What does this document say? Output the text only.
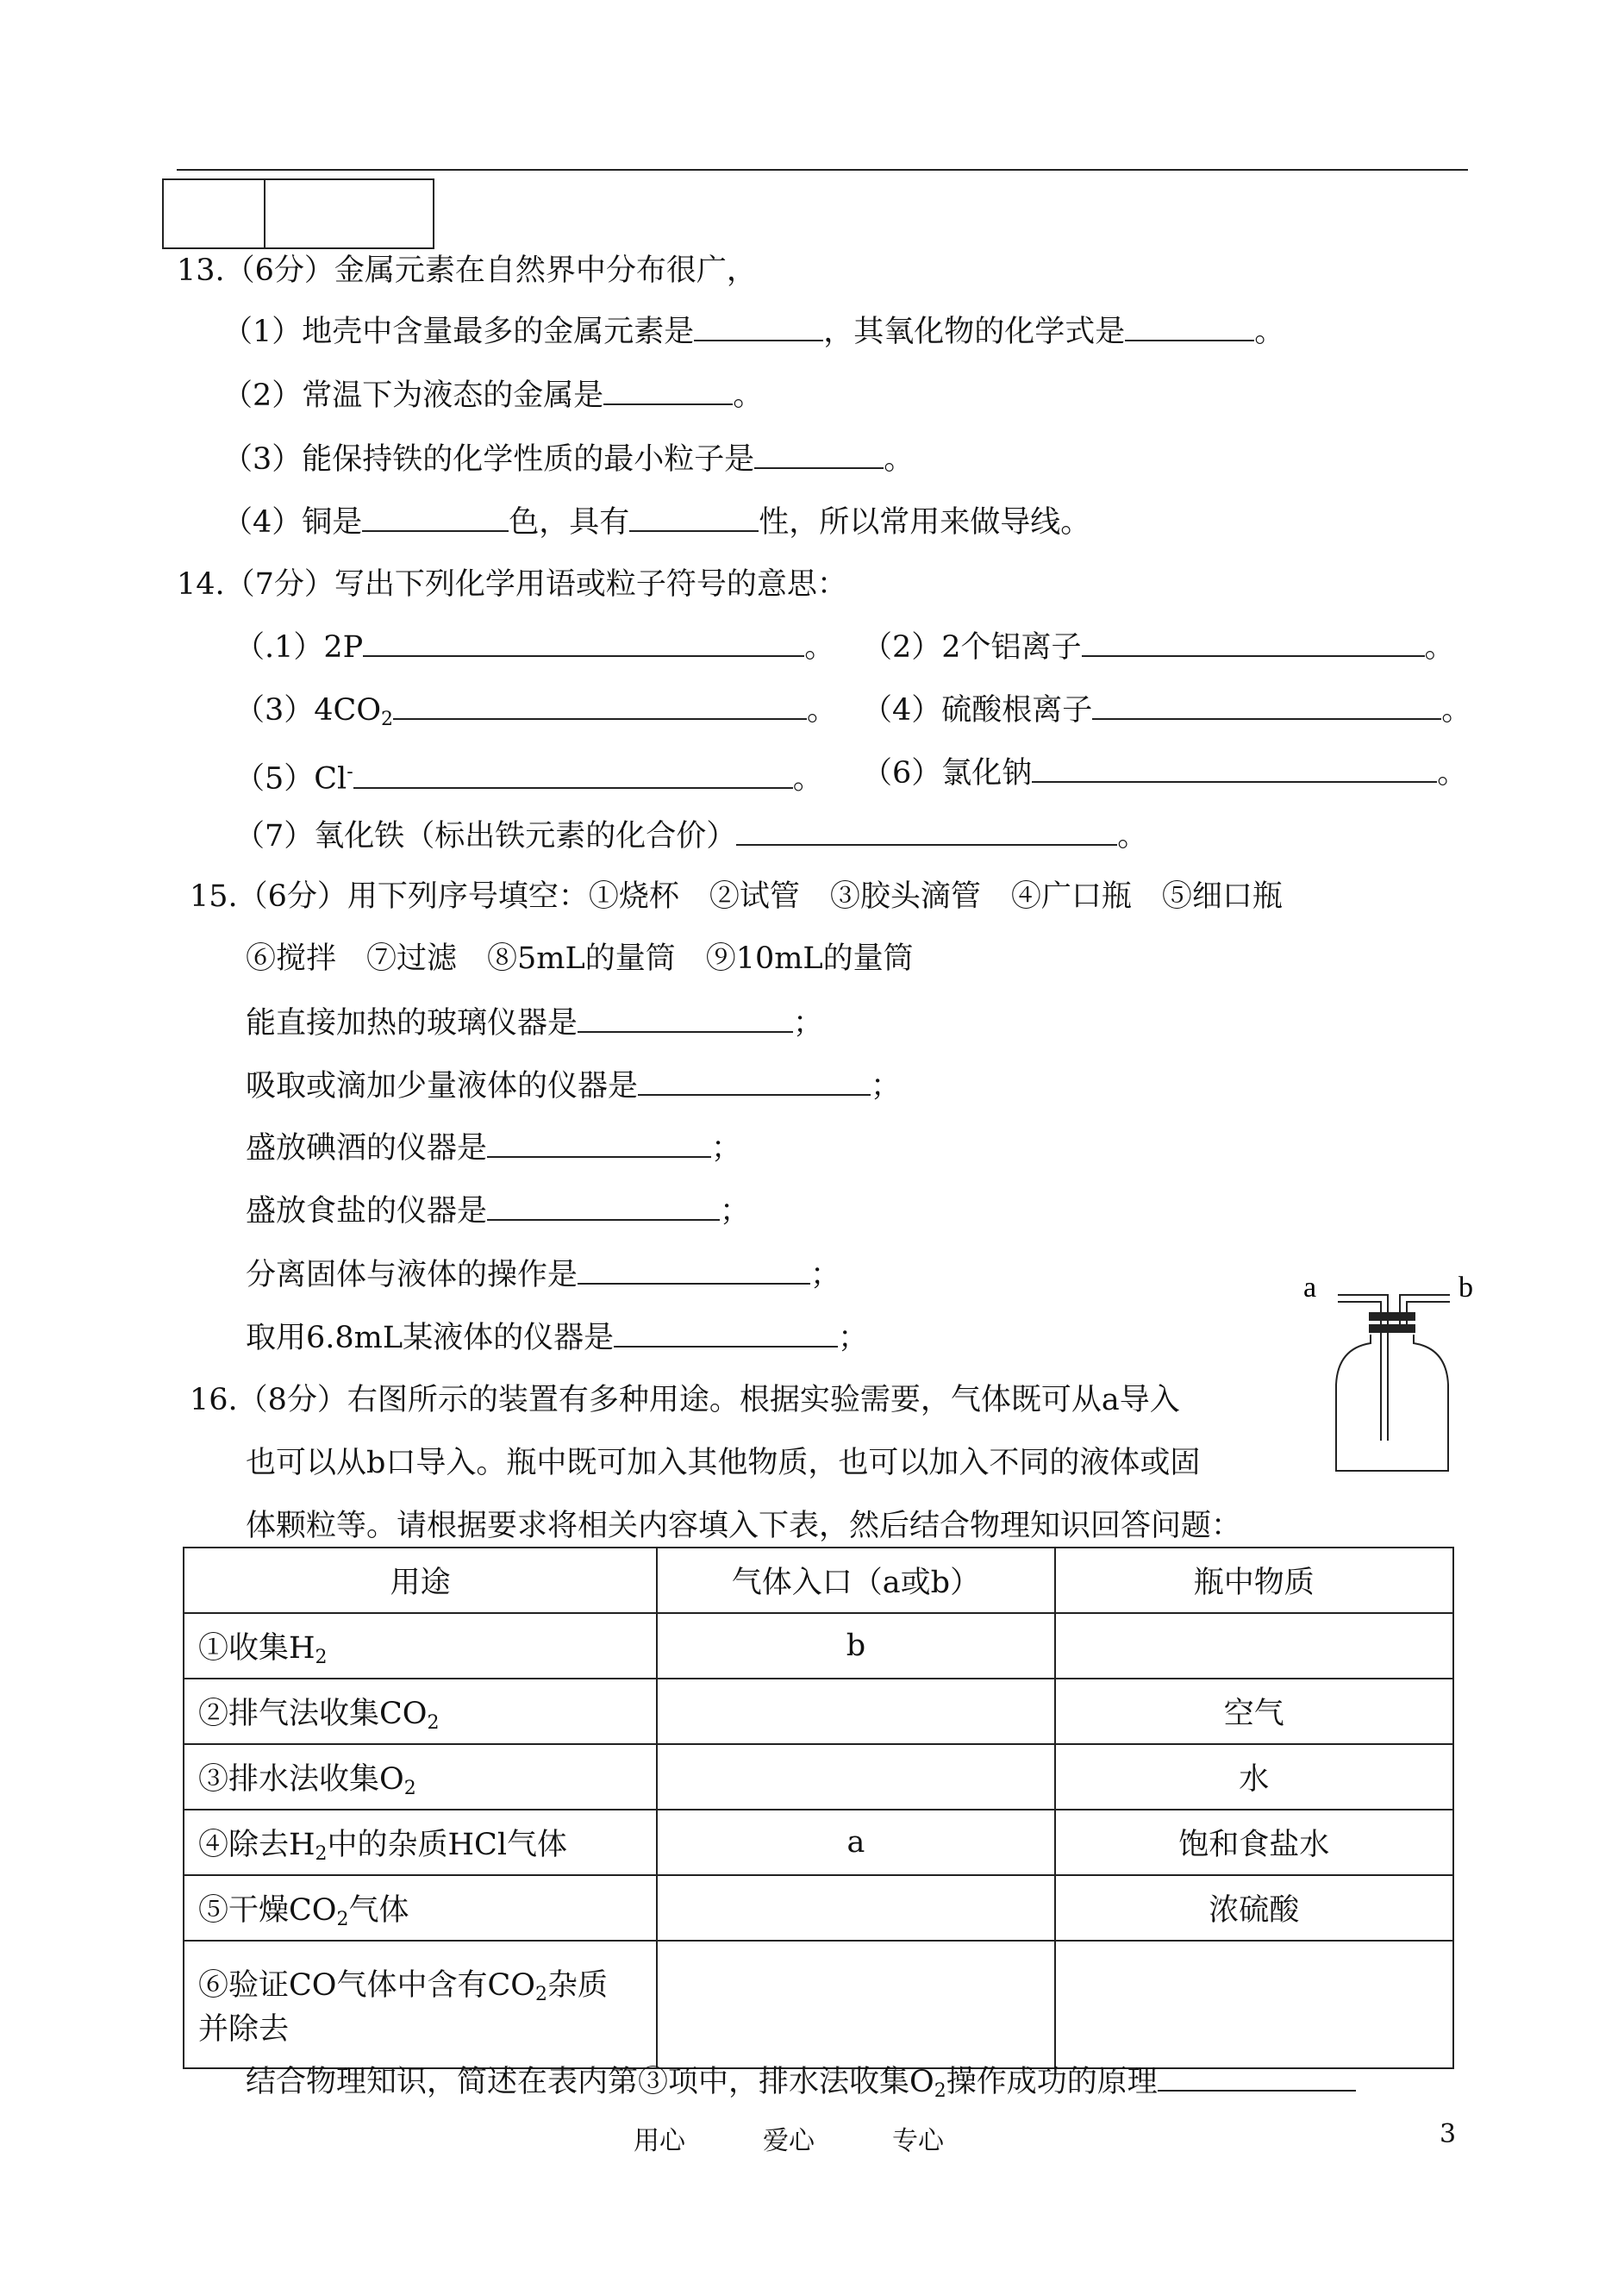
13.（6分）金属元素在自然界中分布很广，
（1）地壳中含量最多的金属元素是	，其氧化物的化学式是	。
（2）常温下为液态的金属是	。
（3）能保持铁的化学性质的最小粒子是	。
（4）铜是	色，具有	性，所以常用来做导线。
14.（7分）写出下列化学用语或粒子符号的意思：
（.1）2P	。 （2）2个铝离子	。
$(3)4CO_2$	。 （4）硫酸根离子	。
（5）Cl-	。 （6）氯化钠	。
（7）氧化铁（标出铁元素的化合价）	。
15.（6分）用下列序号填空：①烧杯　②试管　③胶头滴管　④广口瓶　⑤细口瓶
⑥搅拌　⑦过滤　⑧5mL的量筒　⑨10mL的量筒
能直接加热的玻璃仪器是	；
吸取或滴加少量液体的仪器是	；
盛放碘酒的仪器是	；
盛放食盐的仪器是	；
分离固体与液体的操作是	；
取用6.8mL某液体的仪器是	；
a	b
16.（8分）右图所示的装置有多种用途。根据实验需要，气体既可从a导入
也可以从b口导入。瓶中既可加入其他物质，也可以加入不同的液体或固
体颗粒等。请根据要求将相关内容填入下表，然后结合物理知识回答问题：
用途	气体入口（a或b）	瓶中物质
①收集$H_2$	b	
②排气法收集$CO_2$		空气
③排水法收集$O_2$		水
④除去$H_2$中的杂质HCl气体	a	饱和食盐水
⑤干燥$CO_2$气体		浓硫酸
⑥验证CO气体中含有$CO_2$杂质
并除去		
结合物理知识，简述在表内第③项中，排水法收集$O_2$操作成功的原理
用心　　　爱心　　　专心	3
